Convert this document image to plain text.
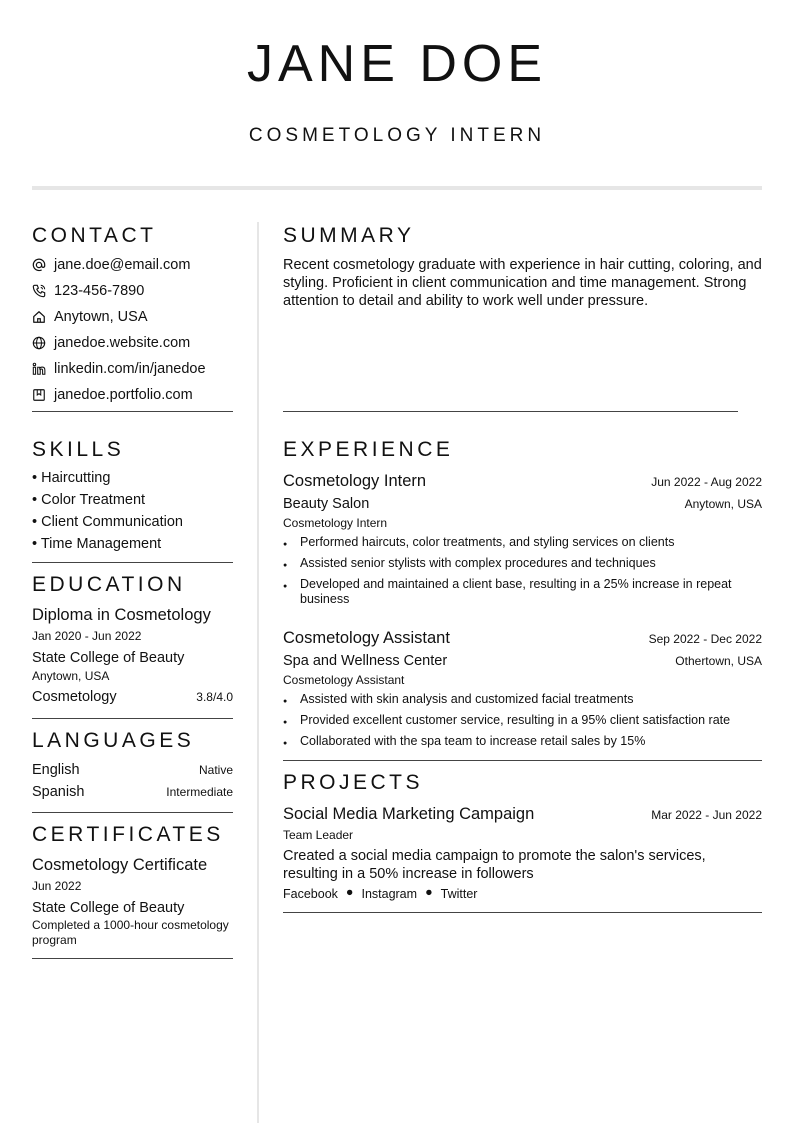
JANE DOE
COSMETOLOGY INTERN
CONTACT
jane.doe@email.com
123-456-7890
Anytown, USA
janedoe.website.com
linkedin.com/in/janedoe
janedoe.portfolio.com
SKILLS
• Haircutting
• Color Treatment
• Client Communication
• Time Management
EDUCATION
Diploma in Cosmetology
Jan 2020 - Jun 2022
State College of Beauty
Anytown, USA
Cosmetology	3.8/4.0
LANGUAGES
English	Native
Spanish	Intermediate
CERTIFICATES
Cosmetology Certificate
Jun 2022
State College of Beauty
Completed a 1000-hour cosmetology program
SUMMARY
Recent cosmetology graduate with experience in hair cutting, coloring, and styling. Proficient in client communication and time management. Strong attention to detail and ability to work well under pressure.
EXPERIENCE
Cosmetology Intern	Jun 2022 - Aug 2022
Beauty Salon	Anytown, USA
Cosmetology Intern
● Performed haircuts, color treatments, and styling services on clients
● Assisted senior stylists with complex procedures and techniques
● Developed and maintained a client base, resulting in a 25% increase in repeat business
Cosmetology Assistant	Sep 2022 - Dec 2022
Spa and Wellness Center	Othertown, USA
Cosmetology Assistant
● Assisted with skin analysis and customized facial treatments
● Provided excellent customer service, resulting in a 95% client satisfaction rate
● Collaborated with the spa team to increase retail sales by 15%
PROJECTS
Social Media Marketing Campaign	Mar 2022 - Jun 2022
Team Leader
Created a social media campaign to promote the salon's services, resulting in a 50% increase in followers
Facebook ● Instagram ● Twitter
